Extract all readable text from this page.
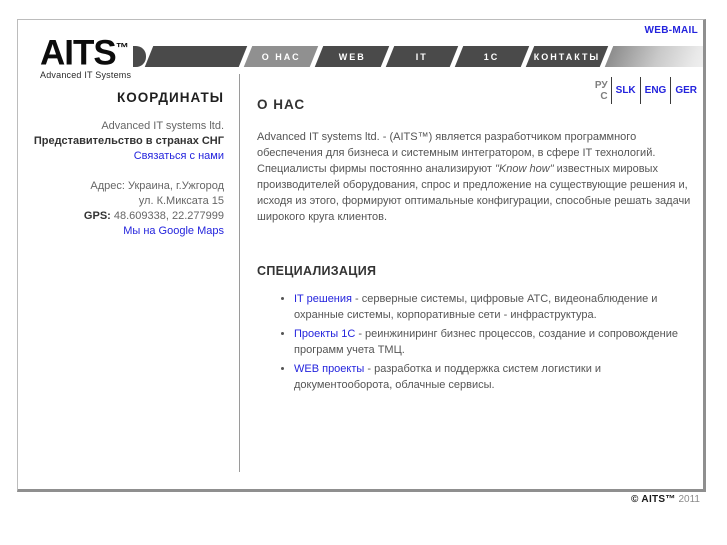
WEB-MAIL
AITS™
Advanced IT Systems
О НАС	WEB	IT	1С	КОНТАКТЫ
КООРДИНАТЫ
Advanced IT systems ltd.
Представительство в странах СНГ
Связаться с нами
Адрес: Украина, г.Ужгород
ул. К.Миксата 15
GPS: 48.609338, 22.277999
Мы на Google Maps
РУС SLK ENG GER
О НАС
Advanced IT systems ltd. - (AITS™) является разработчиком программного обеспечения для бизнеса и системным интегратором, в сфере IT технологий.
Специалисты фирмы постоянно анализируют "Know how" известных мировых производителей оборудования, спрос и предложение на существующие решения и, исходя из этого, формируют оптимальные конфигурации, способные решать задачи широкого круга клиентов.
СПЕЦИАЛИЗАЦИЯ
• IT решения - серверные системы, цифровые АТС, видеонаблюдение и охранные системы, корпоративные сети - инфраструктура.
• Проекты 1С - реинжиниринг бизнес процессов, создание и сопровождение программ учета ТМЦ.
• WEB проекты - разработка и поддержка систем логистики и документооборота, облачные сервисы.
© AITS™ 2011
